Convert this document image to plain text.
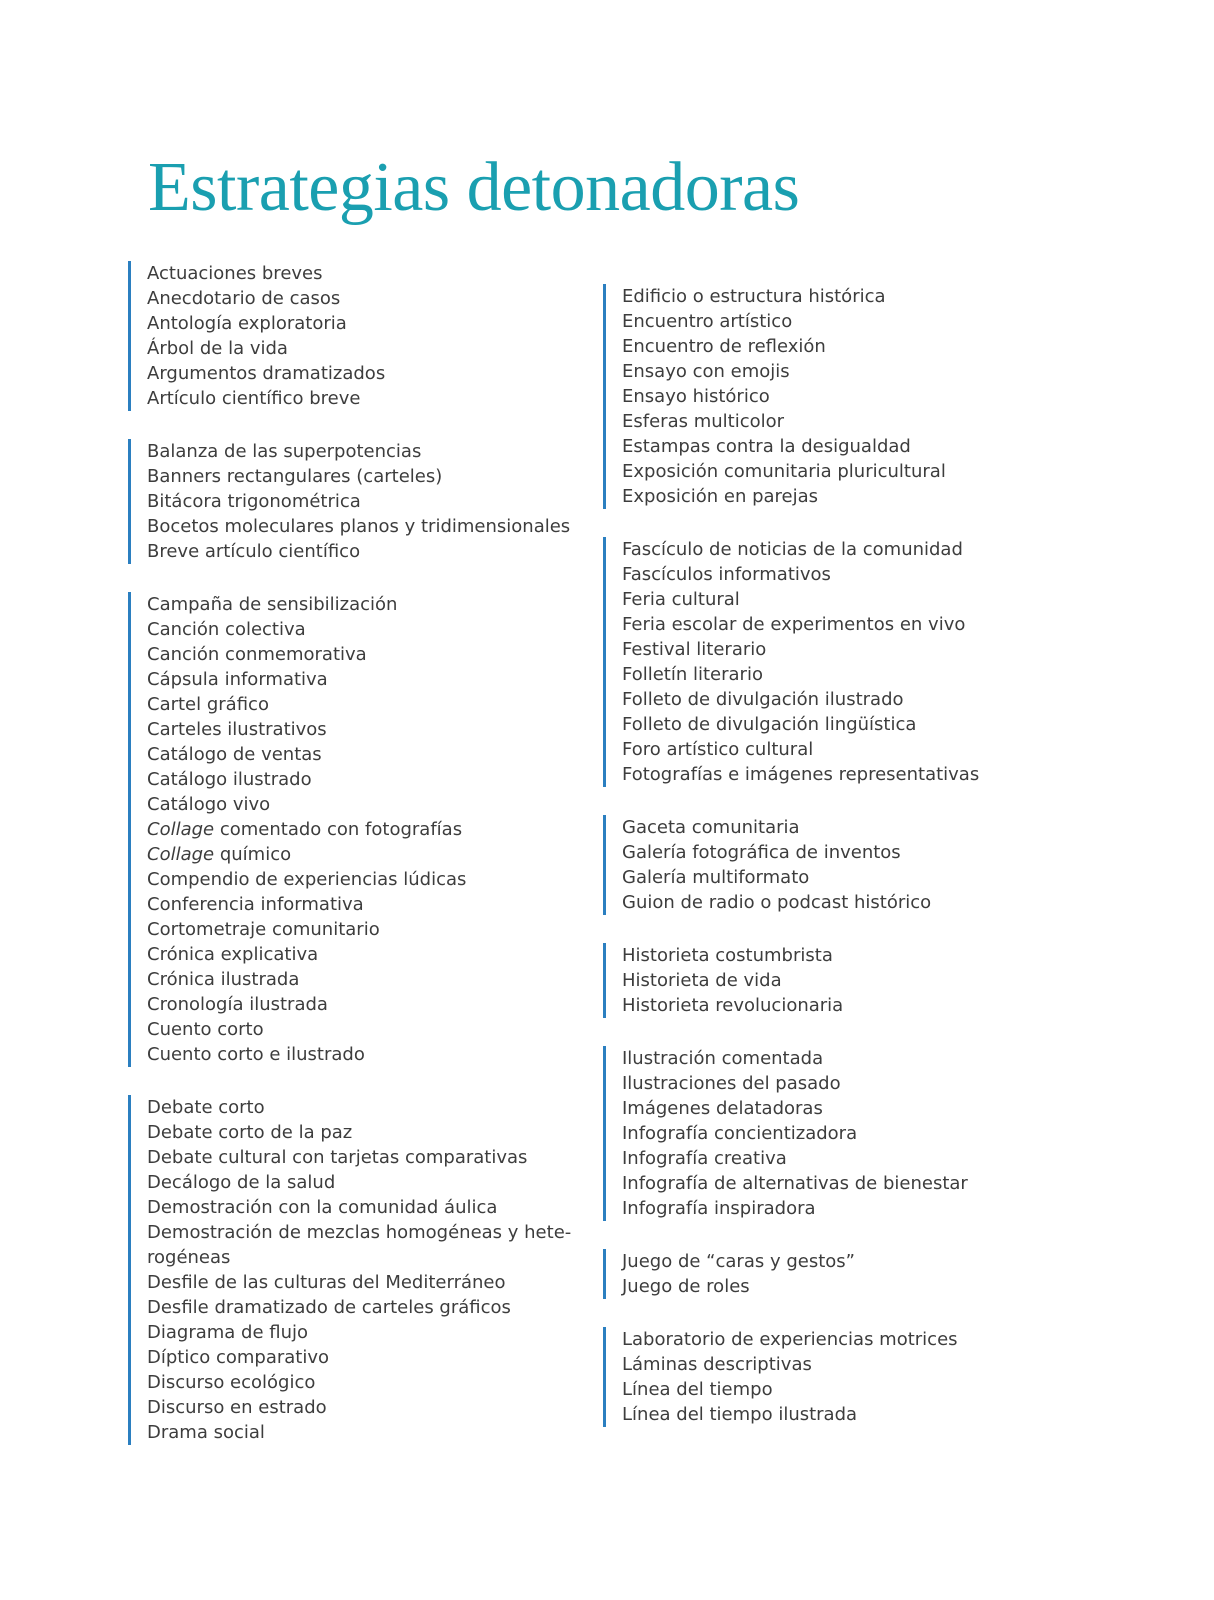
Estrategias detonadoras
Actuaciones breves
Anecdotario de casos
Antología exploratoria
Árbol de la vida
Argumentos dramatizados
Artículo científico breve
Balanza de las superpotencias
Banners rectangulares (carteles)
Bitácora trigonométrica
Bocetos moleculares planos y tridimensionales
Breve artículo científico
Campaña de sensibilización
Canción colectiva
Canción conmemorativa
Cápsula informativa
Cartel gráfico
Carteles ilustrativos
Catálogo de ventas
Catálogo ilustrado
Catálogo vivo
Collage comentado con fotografías
Collage químico
Compendio de experiencias lúdicas
Conferencia informativa
Cortometraje comunitario
Crónica explicativa
Crónica ilustrada
Cronología ilustrada
Cuento corto
Cuento corto e ilustrado
Debate corto
Debate corto de la paz
Debate cultural con tarjetas comparativas
Decálogo de la salud
Demostración con la comunidad áulica
Demostración de mezclas homogéneas y hete-
rogéneas
Desfile de las culturas del Mediterráneo
Desfile dramatizado de carteles gráficos
Diagrama de flujo
Díptico comparativo
Discurso ecológico
Discurso en estrado
Drama social
Edificio o estructura histórica
Encuentro artístico
Encuentro de reflexión
Ensayo con emojis
Ensayo histórico
Esferas multicolor
Estampas contra la desigualdad
Exposición comunitaria pluricultural
Exposición en parejas
Fascículo de noticias de la comunidad
Fascículos informativos
Feria cultural
Feria escolar de experimentos en vivo
Festival literario
Folletín literario
Folleto de divulgación ilustrado
Folleto de divulgación lingüística
Foro artístico cultural
Fotografías e imágenes representativas
Gaceta comunitaria
Galería fotográfica de inventos
Galería multiformato
Guion de radio o podcast histórico
Historieta costumbrista
Historieta de vida
Historieta revolucionaria
Ilustración comentada
Ilustraciones del pasado
Imágenes delatadoras
Infografía concientizadora
Infografía creativa
Infografía de alternativas de bienestar
Infografía inspiradora
Juego de “caras y gestos”
Juego de roles
Laboratorio de experiencias motrices
Láminas descriptivas
Línea del tiempo
Línea del tiempo ilustrada
